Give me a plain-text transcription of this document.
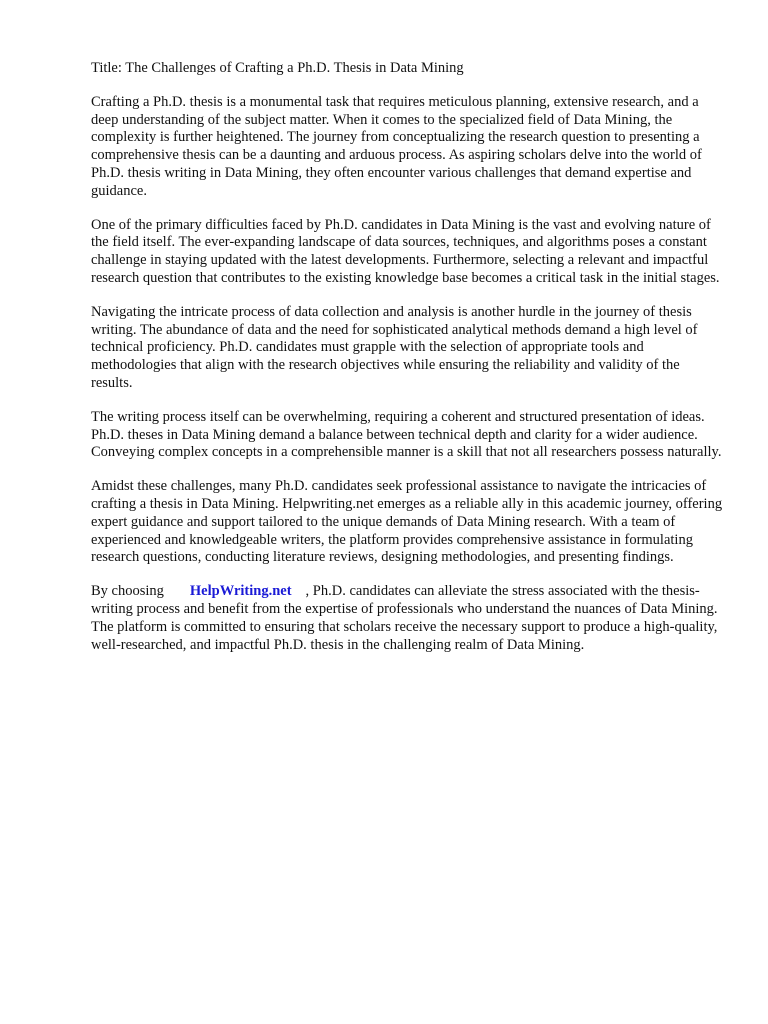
Title: The Challenges of Crafting a Ph.D. Thesis in Data Mining

Crafting a Ph.D. thesis is a monumental task that requires meticulous planning, extensive research, and a deep understanding of the subject matter. When it comes to the specialized field of Data Mining, the complexity is further heightened. The journey from conceptualizing the research question to presenting a comprehensive thesis can be a daunting and arduous process. As aspiring scholars delve into the world of Ph.D. thesis writing in Data Mining, they often encounter various challenges that demand expertise and guidance.

One of the primary difficulties faced by Ph.D. candidates in Data Mining is the vast and evolving nature of the field itself. The ever-expanding landscape of data sources, techniques, and algorithms poses a constant challenge in staying updated with the latest developments. Furthermore, selecting a relevant and impactful research question that contributes to the existing knowledge base becomes a critical task in the initial stages.

Navigating the intricate process of data collection and analysis is another hurdle in the journey of thesis writing. The abundance of data and the need for sophisticated analytical methods demand a high level of technical proficiency. Ph.D. candidates must grapple with the selection of appropriate tools and methodologies that align with the research objectives while ensuring the reliability and validity of the results.

The writing process itself can be overwhelming, requiring a coherent and structured presentation of ideas. Ph.D. theses in Data Mining demand a balance between technical depth and clarity for a wider audience. Conveying complex concepts in a comprehensible manner is a skill that not all researchers possess naturally.

Amidst these challenges, many Ph.D. candidates seek professional assistance to navigate the intricacies of crafting a thesis in Data Mining. Helpwriting.net emerges as a reliable ally in this academic journey, offering expert guidance and support tailored to the unique demands of Data Mining research. With a team of experienced and knowledgeable writers, the platform provides comprehensive assistance in formulating research questions, conducting literature reviews, designing methodologies, and presenting findings.

By choosing HelpWriting.net , Ph.D. candidates can alleviate the stress associated with the thesis-writing process and benefit from the expertise of professionals who understand the nuances of Data Mining. The platform is committed to ensuring that scholars receive the necessary support to produce a high-quality, well-researched, and impactful Ph.D. thesis in the challenging realm of Data Mining.
